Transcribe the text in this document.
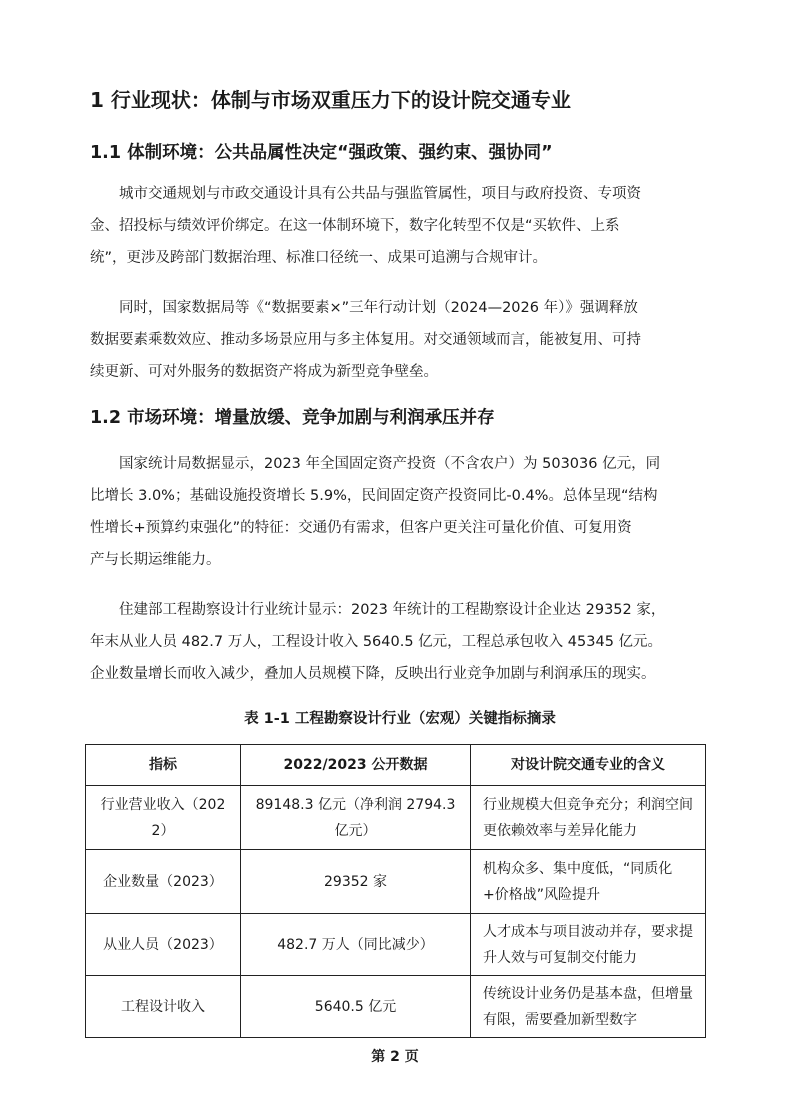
1 行业现状：体制与市场双重压力下的设计院交通专业
1.1 体制环境：公共品属性决定“强政策、强约束、强协同”
　　城市交通规划与市政交通设计具有公共品与强监管属性，项目与政府投资、专项资
金、招投标与绩效评价绑定。在这一体制环境下，数字化转型不仅是“买软件、上系
统”，更涉及跨部门数据治理、标准口径统一、成果可追溯与合规审计。
　　同时，国家数据局等《“数据要素×”三年行动计划（2024—2026 年）》强调释放
数据要素乘数效应、推动多场景应用与多主体复用。对交通领域而言，能被复用、可持
续更新、可对外服务的数据资产将成为新型竞争壁垒。
1.2 市场环境：增量放缓、竞争加剧与利润承压并存
　　国家统计局数据显示，2023 年全国固定资产投资（不含农户）为 503036 亿元，同
比增长 3.0%；基础设施投资增长 5.9%，民间固定资产投资同比-0.4%。总体呈现“结构
性增长+预算约束强化”的特征：交通仍有需求，但客户更关注可量化价值、可复用资
产与长期运维能力。
　　住建部工程勘察设计行业统计显示：2023 年统计的工程勘察设计企业达 29352 家，
年末从业人员 482.7 万人，工程设计收入 5640.5 亿元，工程总承包收入 45345 亿元。
企业数量增长而收入减少，叠加人员规模下降，反映出行业竞争加剧与利润承压的现实。
表 1-1 工程勘察设计行业（宏观）关键指标摘录
指标	2022/2023 公开数据	对设计院交通专业的含义
行业营业收入（2022）	89148.3 亿元（净利润 2794.3 亿元）	行业规模大但竞争充分；利润空间更依赖效率与差异化能力
企业数量（2023）	29352 家	机构众多、集中度低，“同质化+价格战”风险提升
从业人员（2023）	482.7 万人（同比减少）	人才成本与项目波动并存，要求提升人效与可复制交付能力
工程设计收入	5640.5 亿元	传统设计业务仍是基本盘，但增量有限，需要叠加新型数字
第 2 页
